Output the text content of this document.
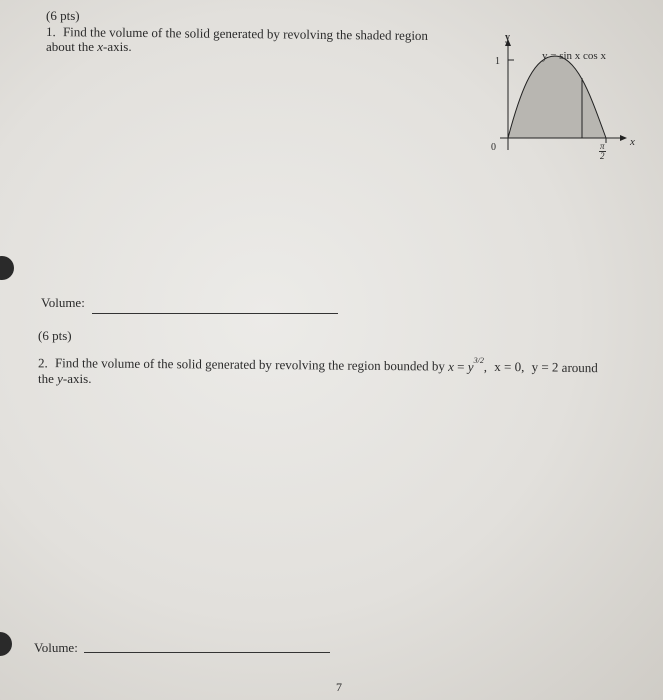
(6 pts)
1. Find the volume of the solid generated by revolving the shaded region
about the x-axis.
y
y = sin x cos x
1
0	x
$\frac{\pi}{2}$
Volume:
(6 pts)
2. Find the volume of the solid generated by revolving the region bounded by $x = y^{3/2}$, x = 0, y = 2 around
the y-axis.
Volume:
7
